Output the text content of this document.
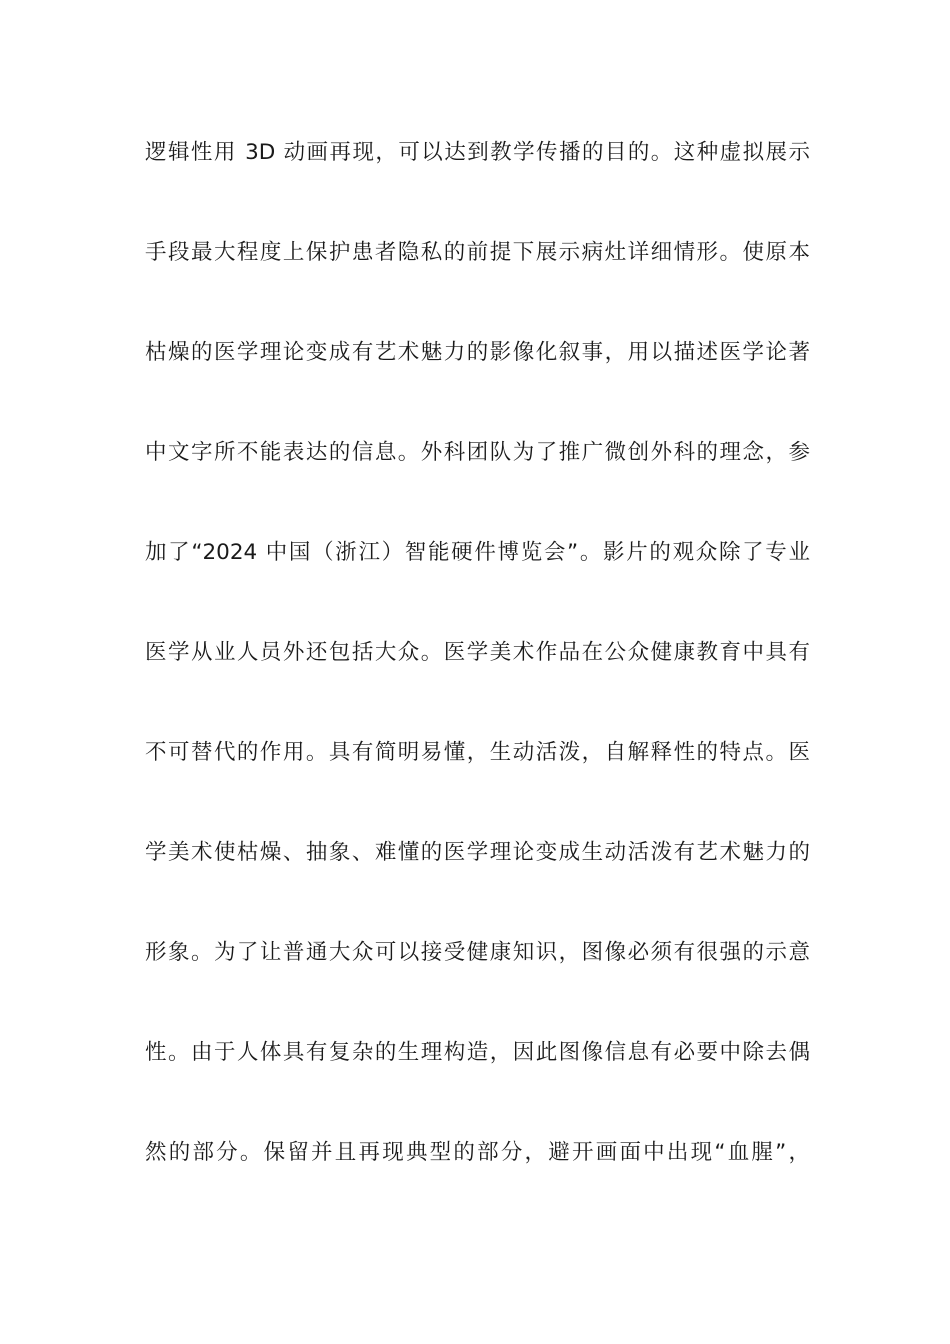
逻辑性用 3D 动画再现，可以达到教学传播的目的。这种虚拟展示
手段最大程度上保护患者隐私的前提下展示病灶详细情形。使原本
枯燥的医学理论变成有艺术魅力的影像化叙事，用以描述医学论著
中文字所不能表达的信息。外科团队为了推广微创外科的理念，参
加了“2024 中国（浙江）智能硬件博览会”。影片的观众除了专业
医学从业人员外还包括大众。医学美术作品在公众健康教育中具有
不可替代的作用。具有简明易懂，生动活泼，自解释性的特点。医
学美术使枯燥、抽象、难懂的医学理论变成生动活泼有艺术魅力的
形象。为了让普通大众可以接受健康知识，图像必须有很强的示意
性。由于人体具有复杂的生理构造，因此图像信息有必要中除去偶
然的部分。保留并且再现典型的部分，避开画面中出现“血腥”，
